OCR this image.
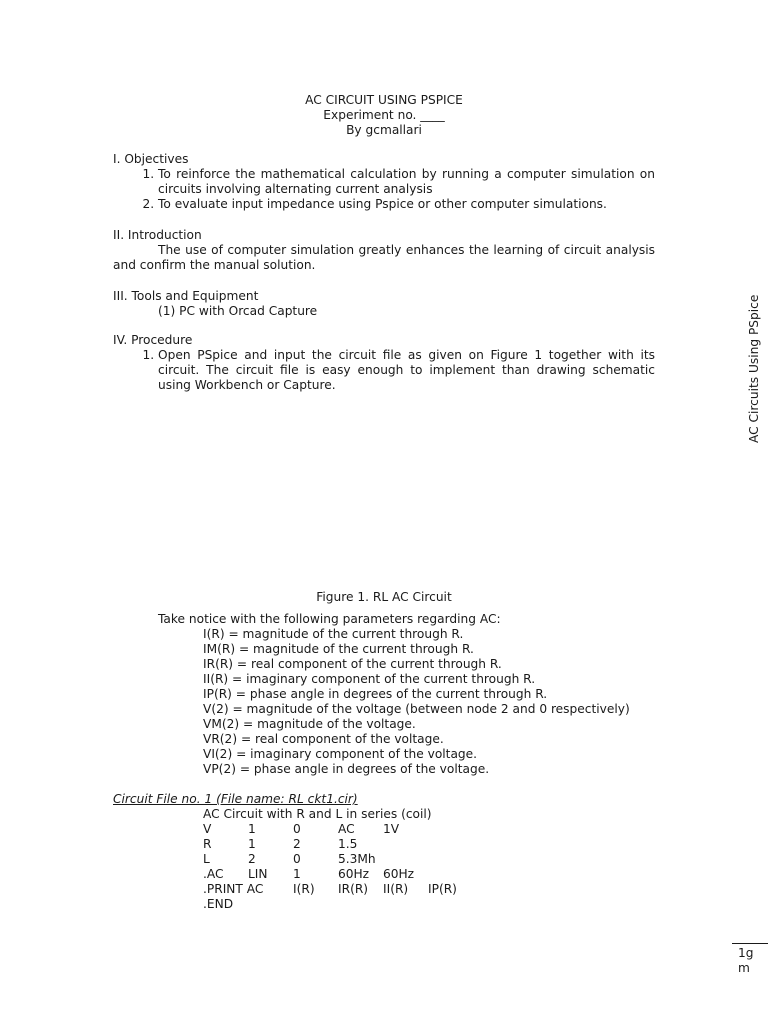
AC CIRCUIT USING PSPICE
Experiment no. ____
By gcmallari

I. Objectives

1. To reinforce the mathematical calculation by running a computer simulation on circuits involving alternating current analysis
2. To evaluate input impedance using Pspice or other computer simulations.

II. Introduction

The use of computer simulation greatly enhances the learning of circuit analysis and confirm the manual solution.

III. Tools and Equipment

(1) PC with Orcad Capture

IV. Procedure

1. Open PSpice and input the circuit file as given on Figure 1 together with its circuit. The circuit file is easy enough to implement than drawing schematic using Workbench or Capture.
Figure 1. RL AC Circuit

Take notice with the following parameters regarding AC:

I(R) = magnitude of the current through R.
IM(R) = magnitude of the current through R.
IR(R) = real component of the current through R.
II(R) = imaginary component of the current through R.
IP(R) = phase angle in degrees of the current through R.
V(2) = magnitude of the voltage (between node 2 and 0 respectively)
VM(2) = magnitude of the voltage.
VR(2) = real component of the voltage.
VI(2) = imaginary component of the voltage.
VP(2) = phase angle in degrees of the voltage.

Circuit File no. 1 (File name: RL ckt1.cir)

AC Circuit with R and L in series (coil)

V	1	0	AC	1V	
R	1	2	1.5		
L	2	0	5.3Mh		
.AC	LIN	1	60Hz	60Hz	
.PRINT AC		I(R)	IR(R)	II(R)	IP(R)
.END					
AC Circuits Using PSpice
1gm
